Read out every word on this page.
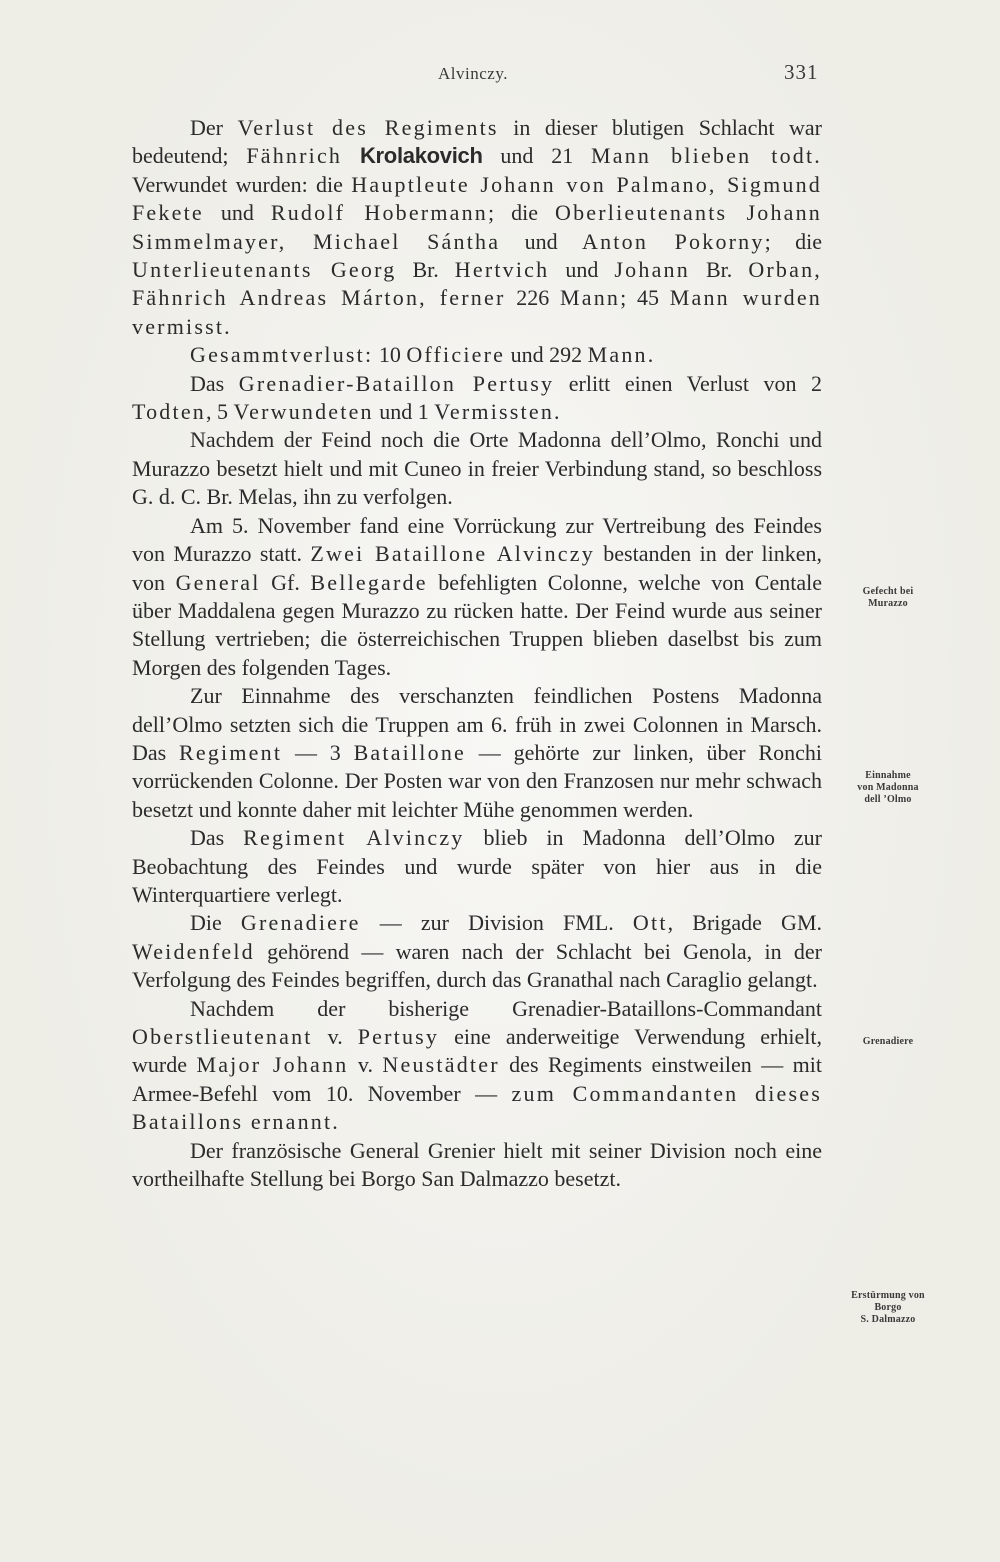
Alvinczy.	331

Der Verlust des Regiments in dieser blutigen Schlacht war bedeutend; Fähnrich Krolakovich und 21 Mann blieben todt. Verwundet wurden: die Hauptleute Johann von Palmano, Sigmund Fekete und Rudolf Hobermann; die Oberlieutenants Johann Simmelmayer, Michael Sántha und Anton Pokorny; die Unterlieutenants Georg Br. Hertvich und Johann Br. Orban, Fähnrich Andreas Márton, ferner 226 Mann; 45 Mann wurden vermisst.

Gesammtverlust: 10 Officiere und 292 Mann.

Das Grenadier-Bataillon Pertusy erlitt einen Verlust von 2 Todten, 5 Verwundeten und 1 Vermissten.

Nachdem der Feind noch die Orte Madonna dell’Olmo, Ronchi und Murazzo besetzt hielt und mit Cuneo in freier Verbindung stand, so beschloss G. d. C. Br. Melas, ihn zu verfolgen.

Am 5. November fand eine Vorrückung zur Vertreibung des Feindes von Murazzo statt. Zwei Bataillone Alvinczy bestanden in der linken, von General Gf. Bellegarde befehligten Colonne, welche von Centale über Maddalena gegen Murazzo zu rücken hatte. Der Feind wurde aus seiner Stellung vertrieben; die österreichischen Truppen blieben daselbst bis zum Morgen des folgenden Tages.

Zur Einnahme des verschanzten feindlichen Postens Madonna dell’Olmo setzten sich die Truppen am 6. früh in zwei Colonnen in Marsch. Das Regiment — 3 Bataillone — gehörte zur linken, über Ronchi vorrückenden Colonne. Der Posten war von den Franzosen nur mehr schwach besetzt und konnte daher mit leichter Mühe genommen werden.

Das Regiment Alvinczy blieb in Madonna dell’Olmo zur Beobachtung des Feindes und wurde später von hier aus in die Winterquartiere verlegt.

Die Grenadiere — zur Division FML. Ott, Brigade GM. Weidenfeld gehörend — waren nach der Schlacht bei Genola, in der Verfolgung des Feindes begriffen, durch das Granathal nach Caraglio gelangt.

Nachdem der bisherige Grenadier-Bataillons-Commandant Oberstlieutenant v. Pertusy eine anderweitige Verwendung erhielt, wurde Major Johann v. Neustädter des Regiments einstweilen — mit Armee-Befehl vom 10. November — zum Commandanten dieses Bataillons ernannt.

Der französische General Grenier hielt mit seiner Division noch eine vortheilhafte Stellung bei Borgo San Dalmazzo besetzt.

Gefecht bei
Murazzo
Einnahme
von Madonna
dell ’Olmo
Grenadiere
Erstürmung von
Borgo
S. Dalmazzo
